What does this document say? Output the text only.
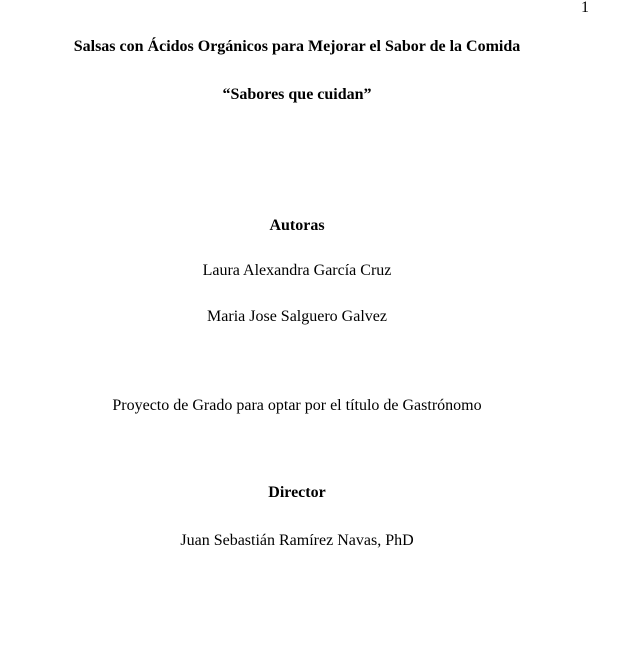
1
Salsas con Ácidos Orgánicos para Mejorar el Sabor de la Comida
“Sabores que cuidan”
Autoras
Laura Alexandra García Cruz
Maria Jose Salguero Galvez
Proyecto de Grado para optar por el título de Gastrónomo
Director
Juan Sebastián Ramírez Navas, PhD
